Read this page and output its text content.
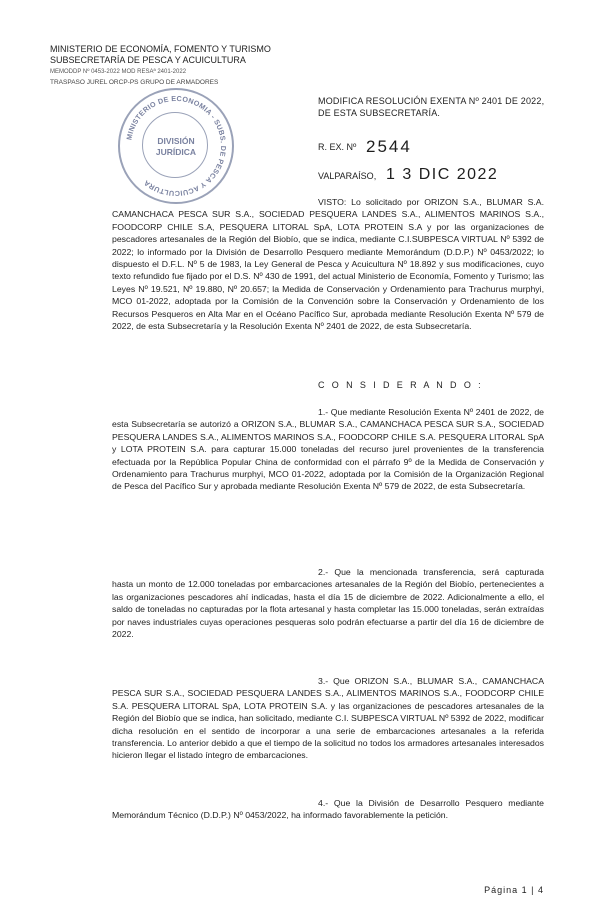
MINISTERIO DE ECONOMÍA, FOMENTO Y TURISMO
SUBSECRETARÍA DE PESCA Y ACUICULTURA
MEMODDP Nº 0453-2022 MOD RESAª 2401-2022
TRASPASO JUREL ORCP-PS GRUPO DE ARMADORES
MINISTERIO DE ECONOMIA - SUBS. DE PESCA Y ACUICULTURA
DIVISIÓN
JURÍDICA
MODIFICA RESOLUCIÓN EXENTA Nº 2401 DE 2022,
DE ESTA SUBSECRETARÍA.
R. EX. Nº 2544
VALPARAÍSO, 1 3 DIC 2022
VISTO: Lo solicitado por ORIZON S.A., BLUMAR S.A. CAMANCHACA PESCA SUR S.A., SOCIEDAD PESQUERA LANDES S.A., ALIMENTOS MARINOS S.A., FOODCORP CHILE S.A, PESQUERA LITORAL SpA, LOTA PROTEIN S.A y por las organizaciones de pescadores artesanales de la Región del Biobío, que se indica, mediante C.I.SUBPESCA VIRTUAL Nº 5392 de 2022; lo informado por la División de Desarrollo Pesquero mediante Memorándum (D.D.P.) Nº 0453/2022; lo dispuesto el D.F.L. Nº 5 de 1983, la Ley General de Pesca y Acuicultura Nº 18.892 y sus modificaciones, cuyo texto refundido fue fijado por el D.S. Nº 430 de 1991, del actual Ministerio de Economía, Fomento y Turismo; las Leyes Nº 19.521, Nº 19.880, Nº 20.657; la Medida de Conservación y Ordenamiento para Trachurus murphyi, MCO 01-2022, adoptada por la Comisión de la Convención sobre la Conservación y Ordenamiento de los Recursos Pesqueros en Alta Mar en el Océano Pacífico Sur, aprobada mediante Resolución Exenta Nº 579 de 2022, de esta Subsecretaría y la Resolución Exenta Nº 2401 de 2022, de esta Subsecretaría.
C O N S I D E R A N D O :
1.- Que mediante Resolución Exenta Nº 2401 de 2022, de esta Subsecretaría se autorizó a ORIZON S.A., BLUMAR S.A., CAMANCHACA PESCA SUR S.A., SOCIEDAD PESQUERA LANDES S.A., ALIMENTOS MARINOS S.A., FOODCORP CHILE S.A. PESQUERA LITORAL SpA y LOTA PROTEIN S.A. para capturar 15.000 toneladas del recurso jurel provenientes de la transferencia efectuada por la República Popular China de conformidad con el párrafo 9º de la Medida de Conservación y Ordenamiento para Trachurus murphyi, MCO 01-2022, adoptada por la Comisión de la Organización Regional de Pesca del Pacífico Sur y aprobada mediante Resolución Exenta Nº 579 de 2022, de esta Subsecretaría.
2.- Que la mencionada transferencia, será capturada hasta un monto de 12.000 toneladas por embarcaciones artesanales de la Región del Biobío, pertenecientes a las organizaciones pescadores ahí indicadas, hasta el día 15 de diciembre de 2022. Adicionalmente a ello, el saldo de toneladas no capturadas por la flota artesanal y hasta completar las 15.000 toneladas, serán extraídas por naves industriales cuyas operaciones pesqueras solo podrán efectuarse a partir del día 16 de diciembre de 2022.
3.- Que ORIZON S.A., BLUMAR S.A., CAMANCHACA PESCA SUR S.A., SOCIEDAD PESQUERA LANDES S.A., ALIMENTOS MARINOS S.A., FOODCORP CHILE S.A. PESQUERA LITORAL SpA, LOTA PROTEIN S.A. y las organizaciones de pescadores artesanales de la Región del Biobío que se indica, han solicitado, mediante C.I. SUBPESCA VIRTUAL Nº 5392 de 2022, modificar dicha resolución en el sentido de incorporar a una serie de embarcaciones artesanales a la referida transferencia. Lo anterior debido a que el tiempo de la solicitud no todos los armadores artesanales interesados hicieron llegar el listado íntegro de embarcaciones.
4.- Que la División de Desarrollo Pesquero mediante Memorándum Técnico (D.D.P.) Nº 0453/2022, ha informado favorablemente la petición.
Página 1 | 4
